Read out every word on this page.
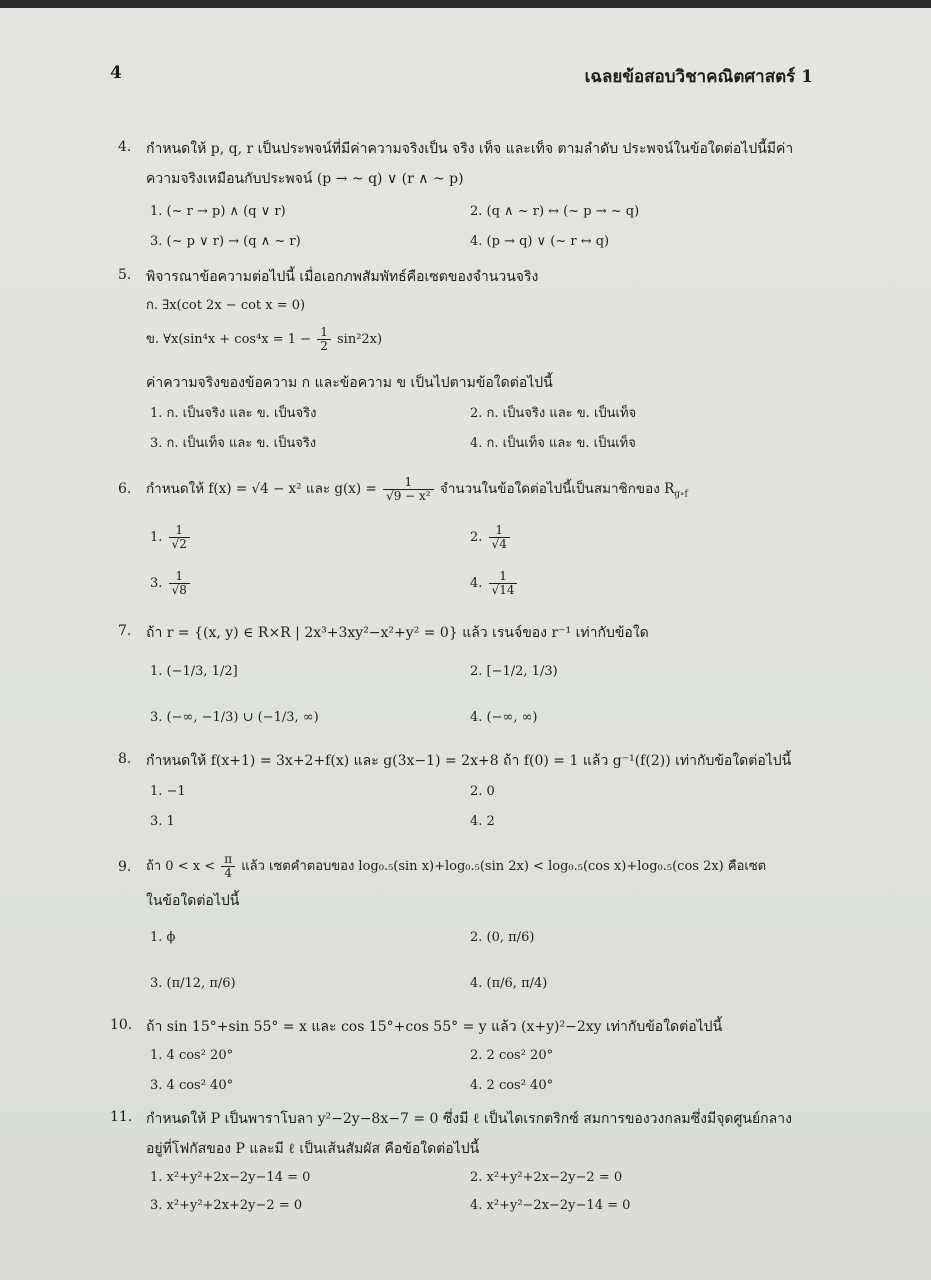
4	เฉลยข้อสอบวิชาคณิตศาสตร์ 1
4.	กำหนดให้ p, q, r เป็นประพจน์ที่มีค่าความจริงเป็น จริง เท็จ และเท็จ ตามลำดับ ประพจน์ในข้อใดต่อไปนี้มีค่า
ความจริงเหมือนกับประพจน์ (p → ~ q) ∨ (r ∧ ~ p)
1. (~ r → p) ∧ (q ∨ r)	2. (q ∧ ~ r) ↔ (~ p → ~ q)
3. (~ p ∨ r) → (q ∧ ~ r)	4. (p → q) ∨ (~ r ↔ q)
5.	พิจารณาข้อความต่อไปนี้ เมื่อเอกภพสัมพัทธ์คือเซตของจำนวนจริง
ก. ∃x(cot 2x − cot x = 0)
ข. ∀x(sin⁴x + $\cos^4x = 1 - \frac{1}{2} \sin^22x$)
ค่าความจริงของข้อความ ก และข้อความ ข เป็นไปตามข้อใดต่อไปนี้
1. ก. เป็นจริง และ ข. เป็นจริง	2. ก. เป็นจริง และ ข. เป็นเท็จ
3. ก. เป็นเท็จ และ ข. เป็นจริง	4. ก. เป็นเท็จ และ ข. เป็นเท็จ
6.	กำหนดให้ f(x) = √4 − x² และ $g(x) = \frac{1}{\text{√9 − x²}}$ จำนวนในข้อใดต่อไปนี้เป็นสมาชิกของ $R_{g\circ f}$
1. $\frac{1}{√2}$	2. $\frac{1}{√4}$
3. $\frac{1}{√8}$	4. $\frac{1}{√14}$
7.	ถ้า r = {(x, y) ∈ R×R | 2x³+3xy²−x²+y² = 0} แล้ว เรนจ์ของ r⁻¹ เท่ากับข้อใด
1. (−1/3, 1/2]	2. [−1/2, 1/3)
3. (−∞, −1/3) ∪ (−1/3, ∞)	4. (−∞, ∞)
8.	กำหนดให้ f(x+1) = 3x+2+f(x) และ g(3x−1) = 2x+8 ถ้า f(0) = 1 แล้ว g⁻¹(f(2)) เท่ากับข้อใดต่อไปนี้
1. −1	2. 0
3. 1	4. 2
9.	ถ้า $0 < x < \frac{\pi}{4}$ แล้ว เซตคำตอบของ log₀.₅(sin x)+log₀.₅(sin 2x) < log₀.₅(cos x)+log₀.₅(cos 2x) คือเซต
ในข้อใดต่อไปนี้
1. ϕ	2. (0, π/6)
3. (π/12, π/6)	4. (π/6, π/4)
10. ถ้า sin 15°+sin 55° = x และ cos 15°+cos 55° = y แล้ว (x+y)²−2xy เท่ากับข้อใดต่อไปนี้
1. 4 cos² 20°	2. 2 cos² 20°
3. 4 cos² 40°	4. 2 cos² 40°
11. กำหนดให้ P เป็นพาราโบลา y²−2y−8x−7 = 0 ซึ่งมี ℓ เป็นไดเรกตริกซ์ สมการของวงกลมซึ่งมีจุดศูนย์กลาง
อยู่ที่โฟกัสของ P และมี ℓ เป็นเส้นสัมผัส คือข้อใดต่อไปนี้
1. x²+y²+2x−2y−14 = 0	2. x²+y²+2x−2y−2 = 0
3. x²+y²+2x+2y−2 = 0	4. x²+y²−2x−2y−14 = 0
